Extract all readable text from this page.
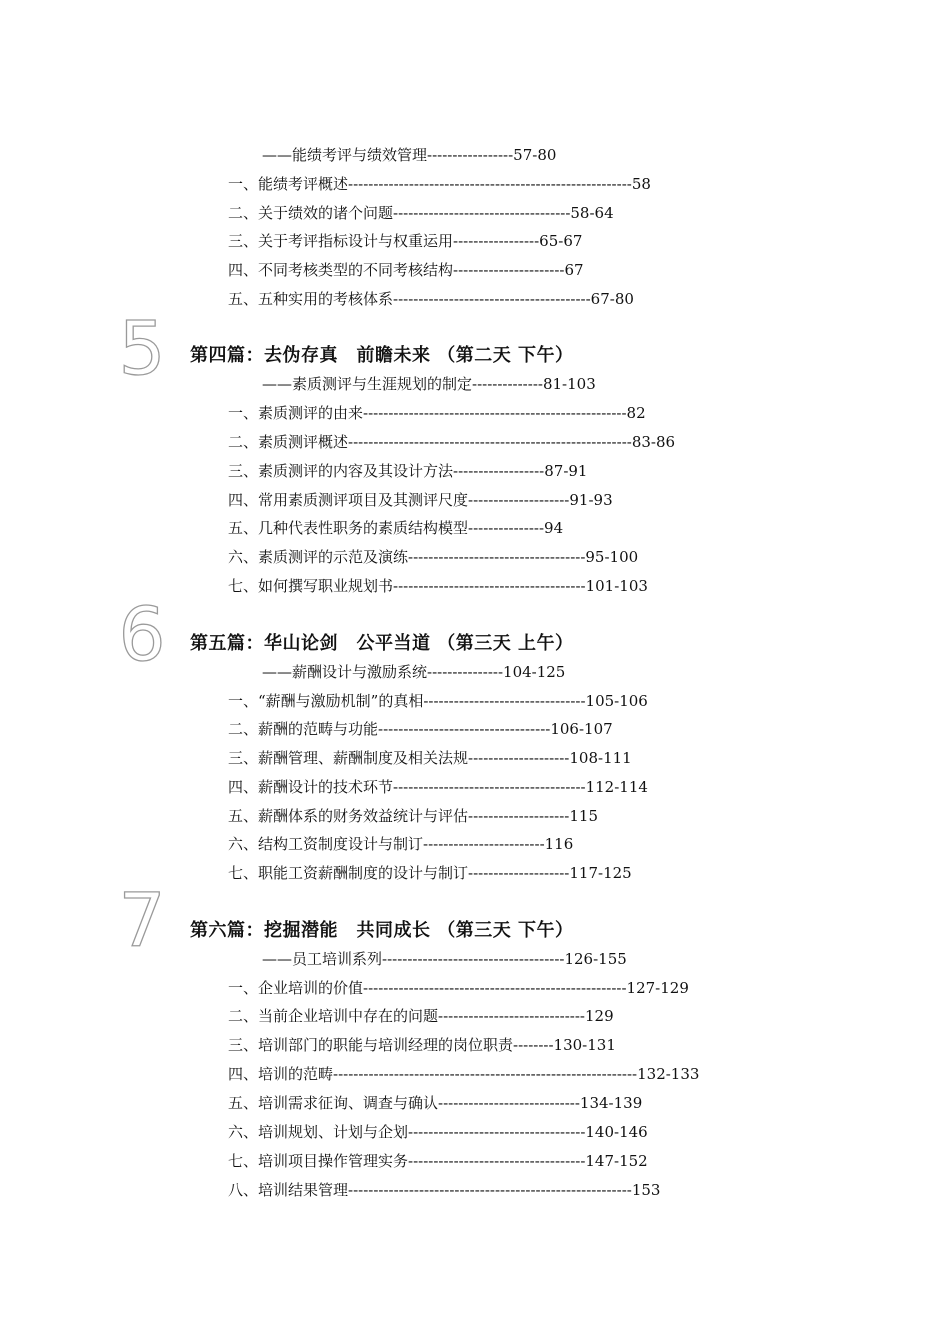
——能绩考评与绩效管理-----------------57-80
一、能绩考评概述‐‐‐‐‐‐‐‐‐‐‐‐‐‐‐‐‐‐‐‐‐‐‐‐‐‐‐‐‐‐‐‐‐‐‐‐‐‐‐‐‐‐‐‐‐‐‐‐‐‐‐‐‐‐‐‐58
二、关于绩效的诸个问题------‐‐‐‐‐‐‐‐‐‐‐‐‐‐‐‐‐‐‐‐‐‐‐‐‐‐‐‐‐58-64
三、关于考评指标设计与权重运用------‐‐‐‐‐‐‐‐‐‐‐65-67
四、不同考核类型的不同考核结构‐‐‐‐‐‐‐‐‐‐‐‐‐‐‐‐‐‐‐‐‐‐67
五、五种实用的考核体系‐‐‐‐‐‐‐‐‐‐‐‐‐‐‐‐‐‐‐‐‐‐‐‐‐‐‐‐‐‐‐‐‐‐‐‐‐‐‐67-80
5 第四篇：去伪存真　前瞻未来 （第二天 下午）
——素质测评与生涯规划的制定--------------81-103
一、素质测评的由来‐‐‐‐‐‐‐‐‐‐‐‐‐‐‐‐‐‐‐‐‐‐‐‐‐‐‐‐‐‐‐‐‐‐‐‐‐‐‐‐‐‐‐‐‐‐‐‐‐‐‐‐82
二、素质测评概述‐‐‐‐‐‐‐‐‐‐‐‐‐‐‐‐‐‐‐‐‐‐‐‐‐‐‐‐‐‐‐‐‐‐‐‐‐‐‐‐‐‐‐‐‐‐‐‐‐‐‐‐‐‐‐‐83-86
三、素质测评的内容及其设计方法------------------87-91
四、常用素质测评项目及其测评尺度‐‐‐‐‐‐‐‐‐‐‐‐‐‐‐‐‐‐‐‐91-93
五、几种代表性职务的素质结构模型---------------94
六、素质测评的示范及演练‐‐‐‐‐‐‐‐‐‐‐‐‐‐‐‐‐‐‐‐‐‐‐‐‐‐‐‐‐‐‐‐‐‐‐95-100
七、如何撰写职业规划书‐‐‐‐‐‐‐‐‐‐‐‐‐‐‐‐‐‐‐‐‐‐‐‐‐‐‐‐‐‐‐‐‐‐‐‐‐‐101-103
6 第五篇：华山论剑　公平当道 （第三天 上午）
——薪酬设计与激励系统---------------104-125
一、“薪酬与激励机制”的真相‐‐‐‐‐‐‐‐‐‐‐‐‐‐‐‐‐‐‐‐‐‐‐‐‐‐‐‐‐‐‐‐105-106
二、薪酬的范畴与功能----------------------------------106-107
三、薪酬管理、薪酬制度及相关法规‐‐‐‐‐‐‐‐‐‐‐‐‐‐‐‐‐‐‐‐108-111
四、薪酬设计的技术环节‐‐‐‐‐‐‐‐‐‐‐‐‐‐‐‐‐‐‐‐‐‐‐‐‐‐‐‐‐‐‐‐‐‐‐‐‐‐112-114
五、薪酬体系的财务效益统计与评估‐‐‐‐‐‐‐‐‐‐‐‐‐‐‐‐‐‐‐‐115
六、结构工资制度设计与制订------------------------116
七、职能工资薪酬制度的设计与制订‐‐‐‐‐‐‐‐‐‐‐‐‐‐‐‐‐‐‐‐117-125
7 第六篇：挖掘潜能　共同成长 （第三天 下午）
——员工培训系列--------‐‐‐‐‐‐‐‐‐‐‐‐‐‐‐‐‐‐‐‐‐‐‐‐‐‐‐‐126-155
一、企业培训的价值‐‐‐‐‐‐‐‐‐‐‐‐‐‐‐‐‐‐‐‐‐‐‐‐‐‐‐‐‐‐‐‐‐‐‐‐‐‐‐‐‐‐‐‐‐‐‐‐‐‐‐‐127-129
二、当前企业培训中存在的问题‐‐‐‐‐‐‐‐‐‐‐‐‐‐‐‐‐‐‐‐‐‐‐‐‐‐‐‐‐129
三、培训部门的职能与培训经理的岗位职责‐‐‐‐‐‐‐‐130-131
四、培训的范畴‐‐‐‐‐‐‐‐‐‐‐‐‐‐‐‐‐‐‐‐‐‐‐‐‐‐‐‐‐‐‐‐‐‐‐‐‐‐‐‐‐‐‐‐‐‐‐‐‐‐‐‐‐‐‐‐‐‐‐‐132-133
五、培训需求征询、调查与确认‐‐‐‐‐‐‐‐‐‐‐‐‐‐‐‐‐‐‐‐‐‐‐‐‐‐‐‐134-139
六、培训规划、计划与企划‐‐‐‐‐‐‐‐‐‐‐‐‐‐‐‐‐‐‐‐‐‐‐‐‐‐‐‐‐‐‐‐‐‐‐140-146
七、培训项目操作管理实务‐‐‐‐‐‐‐‐‐‐‐‐‐‐‐‐‐‐‐‐‐‐‐‐‐‐‐‐‐‐‐‐‐‐‐147-152
八、培训结果管理‐‐‐‐‐‐‐‐‐‐‐‐‐‐‐‐‐‐‐‐‐‐‐‐‐‐‐‐‐‐‐‐‐‐‐‐‐‐‐‐‐‐‐‐‐‐‐‐‐‐‐‐‐‐‐‐153
